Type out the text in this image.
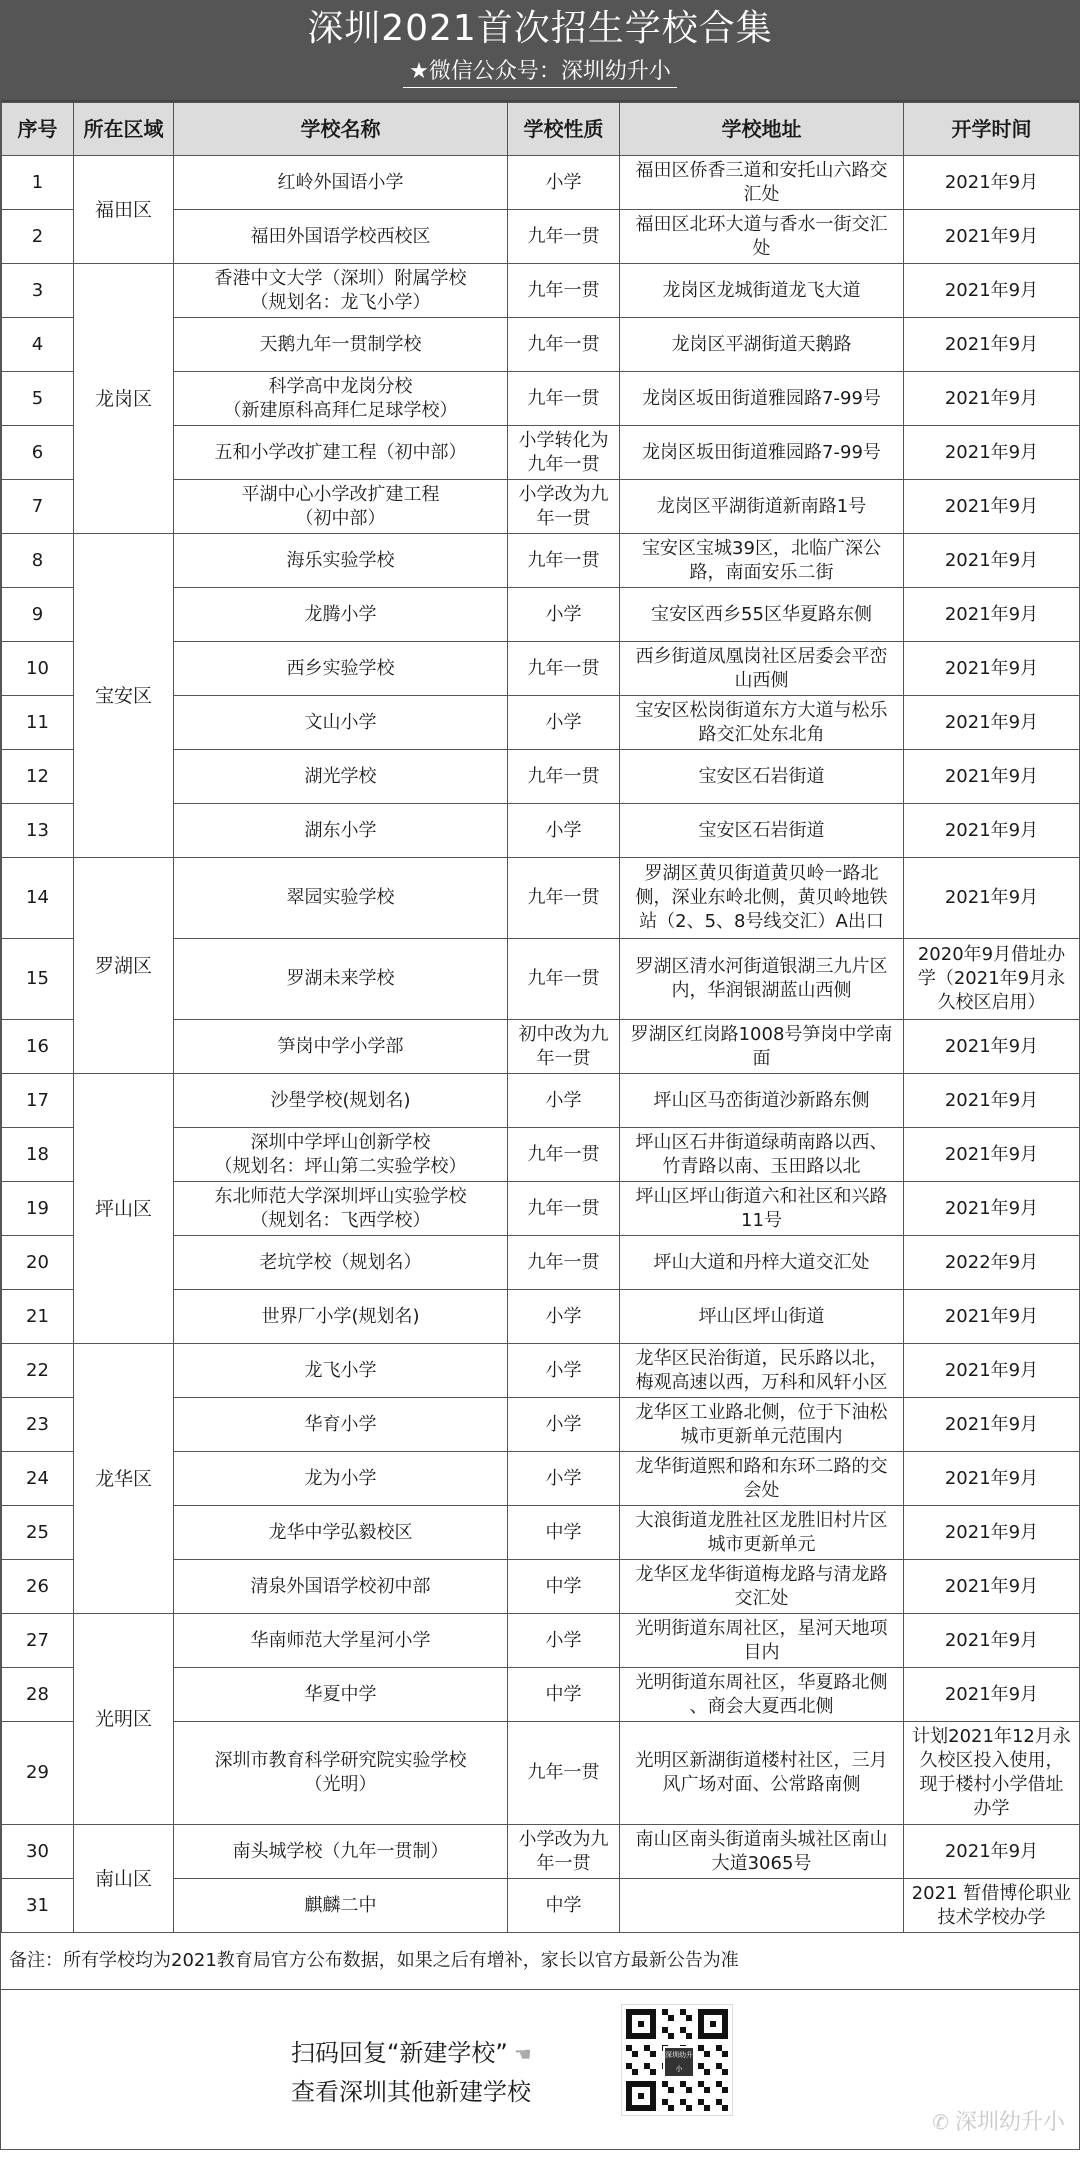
深圳2021首次招生学校合集
★微信公众号：深圳幼升小
序号	所在区域	学校名称	学校性质	学校地址	开学时间
1	福田区	红岭外国语小学	小学	福田区侨香三道和安托山六路交
汇处	2021年9月
2		福田外国语学校西校区	九年一贯	福田区北环大道与香水一街交汇
处	2021年9月
3	龙岗区	香港中文大学（深圳）附属学校
（规划名：龙飞小学）	九年一贯	龙岗区龙城街道龙飞大道	2021年9月
4		天鹅九年一贯制学校	九年一贯	龙岗区平湖街道天鹅路	2021年9月
5		科学高中龙岗分校
（新建原科高拜仁足球学校）	九年一贯	龙岗区坂田街道雅园路7-99号	2021年9月
6		五和小学改扩建工程（初中部）	小学转化为
九年一贯	龙岗区坂田街道雅园路7-99号	2021年9月
7		平湖中心小学改扩建工程
（初中部）	小学改为九
年一贯	龙岗区平湖街道新南路1号	2021年9月
8	宝安区	海乐实验学校	九年一贯	宝安区宝城39区，北临广深公
路，南面安乐二街	2021年9月
9		龙腾小学	小学	宝安区西乡55区华夏路东侧	2021年9月
10		西乡实验学校	九年一贯	西乡街道凤凰岗社区居委会平峦
山西侧	2021年9月
11		文山小学	小学	宝安区松岗街道东方大道与松乐
路交汇处东北角	2021年9月
12		湖光学校	九年一贯	宝安区石岩街道	2021年9月
13		湖东小学	小学	宝安区石岩街道	2021年9月
14	罗湖区	翠园实验学校	九年一贯	罗湖区黄贝街道黄贝岭一路北
侧，深业东岭北侧，黄贝岭地铁
站（2、5、8号线交汇）A出口	2021年9月
15		罗湖未来学校	九年一贯	罗湖区清水河街道银湖三九片区
内，华润银湖蓝山西侧	2020年9月借址办
学（2021年9月永
久校区启用）
16		笋岗中学小学部	初中改为九
年一贯	罗湖区红岗路1008号笋岗中学南
面	2021年9月
17	坪山区	沙壆学校(规划名)	小学	坪山区马峦街道沙新路东侧	2021年9月
18		深圳中学坪山创新学校
（规划名：坪山第二实验学校）	九年一贯	坪山区石井街道绿萌南路以西、
竹青路以南、玉田路以北	2021年9月
19		东北师范大学深圳坪山实验学校
（规划名：飞西学校）	九年一贯	坪山区坪山街道六和社区和兴路
11号	2021年9月
20		老坑学校（规划名）	九年一贯	坪山大道和丹梓大道交汇处	2022年9月
21		世界厂小学(规划名)	小学	坪山区坪山街道	2021年9月
22	龙华区	龙飞小学	小学	龙华区民治街道，民乐路以北，
梅观高速以西，万科和风轩小区	2021年9月
23		华育小学	小学	龙华区工业路北侧，位于下油松
城市更新单元范围内	2021年9月
24		龙为小学	小学	龙华街道熙和路和东环二路的交
会处	2021年9月
25		龙华中学弘毅校区	中学	大浪街道龙胜社区龙胜旧村片区
城市更新单元	2021年9月
26		清泉外国语学校初中部	中学	龙华区龙华街道梅龙路与清龙路
交汇处	2021年9月
27	光明区	华南师范大学星河小学	小学	光明街道东周社区，星河天地项
目内	2021年9月
28		华夏中学	中学	光明街道东周社区，华夏路北侧
、商会大夏西北侧	2021年9月
29		深圳市教育科学研究院实验学校
（光明）	九年一贯	光明区新湖街道楼村社区，三月
风广场对面、公常路南侧	计划2021年12月永
久校区投入使用，
现于楼村小学借址
办学
30	南山区	南头城学校（九年一贯制）	小学改为九
年一贯	南山区南头街道南头城社区南山
大道3065号	2021年9月
31		麒麟二中	中学		2021 暂借博伦职业
技术学校办学
备注：所有学校均为2021教育局官方公布数据，如果之后有增补，家长以官方最新公告为准
扫码回复“新建学校” ☚
查看深圳其他新建学校
深圳幼升小
✆ 深圳幼升小
